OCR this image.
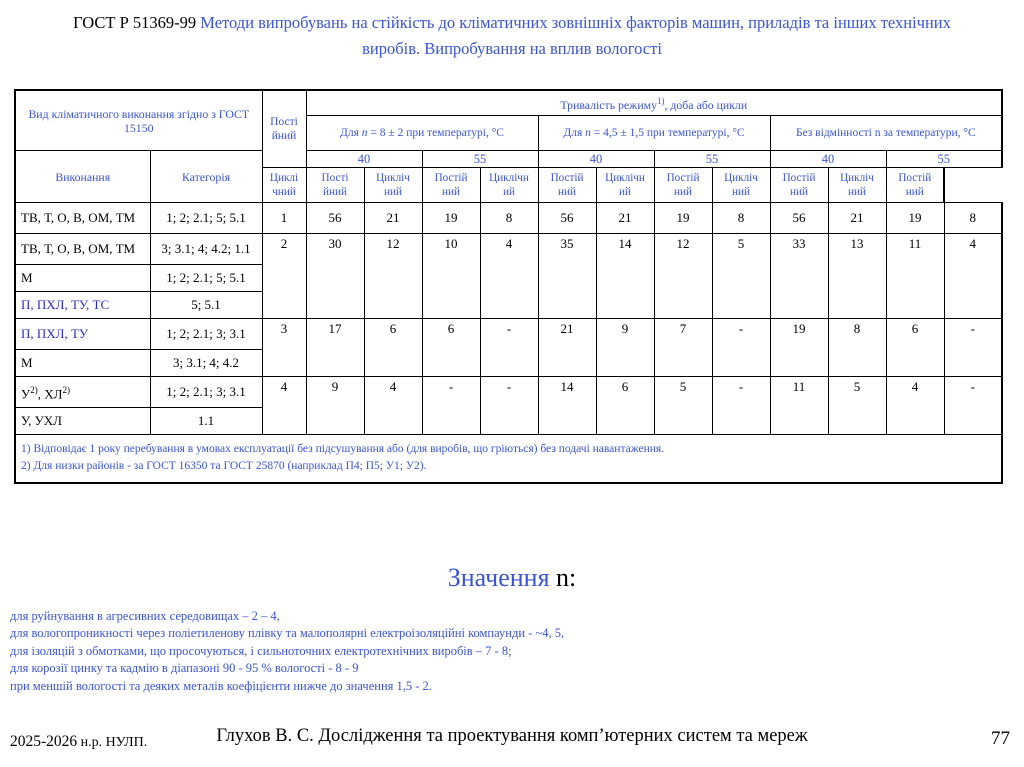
ГОСТ Р 51369-99 Методи випробувань на стійкість до кліматичних зовнішніх факторів машин, приладів та інших технічних виробів. Випробування на вплив вологості
Вид кліматичного виконання згідно з ГОСТ 15150		Пості йний	Тривалість режиму$^{1)}$, доба або цикли											
			Для n = 8 ± 2 при температурі, °С				Для n = 4,5 ± 1,5 при температурі, °С				Без відмінності n за температури, °С			
Виконання	Категорія		40		55		40		55		40		55	
		Циклі чний	Пості йний	Цикліч ний	Постій ний	Циклічн ий	Постій ний	Циклічн ий	Постій ний	Цикліч ний	Постій ний	Цикліч ний	Постій ний	
ТВ, Т, О, В, ОМ, ТМ	1; 2; 2.1; 5; 5.1	1	56	21	19	8	56	21	19	8	56	21	19	8
ТВ, Т, О, В, ОМ, ТМ	3; 3.1; 4; 4.2; 1.1	2	30	12	10	4	35	14	12	5	33	13	11	4
М	1; 2; 2.1; 5; 5.1													
П, ПХЛ, ТУ, ТС	5; 5.1													
П, ПХЛ, ТУ	1; 2; 2.1; 3; 3.1	3	17	6	6	-	21	9	7	-	19	8	6	-
М	3; 3.1; 4; 4.2													
$У^{2)}$, ХЛ$^{2)}$	1; 2; 2.1; 3; 3.1	4	9	4	-	-	14	6	5	-	11	5	4	-
У, УХЛ	1.1													

1) Відповідає 1 року перебування в умовах експлуатації без підсушування або (для виробів, що гріються) без подачі навантаження.
2) Для низки районів - за ГОСТ 16350 та ГОСТ 25870 (наприклад П4; П5; У1; У2).														
Значення n:
для руйнування в агресивних середовищах – 2 – 4,
для вологопроникності через поліетиленову плівку та малополярні електроізоляційні компаунди - ~4, 5,
для ізоляцій з обмотками, що просочуються, і сильноточних електротехнічних виробів – 7 - 8;
для корозії цинку та кадмію в діапазоні 90 - 95 % вологості - 8 - 9
при меншій вологості та деяких металів коефіцієнти нижче до значення 1,5 - 2.
2025-2026 н.р. НУЛП.	Глухов В. С. Дослідження та проектування комп’ютерних систем та мереж	77
